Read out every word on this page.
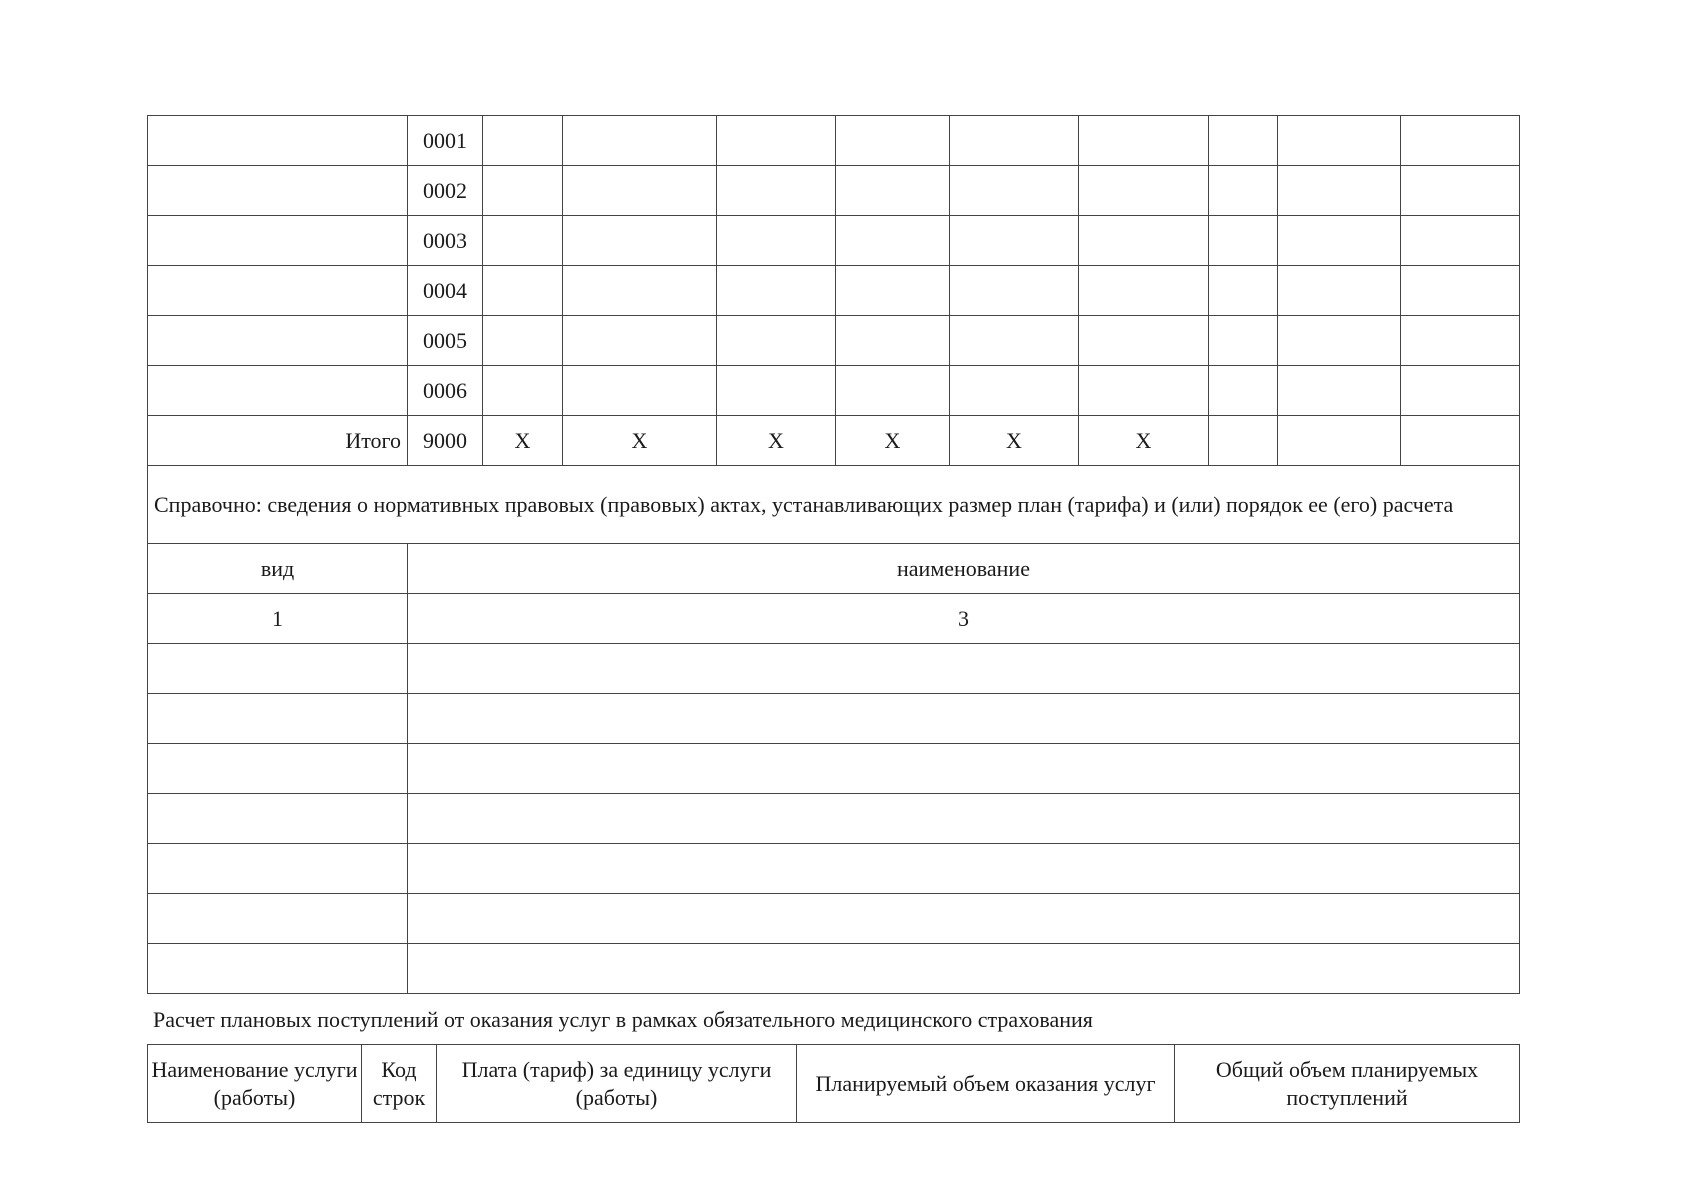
	0001									
	0002									
	0003									
	0004									
	0005									
	0006									
Итого	9000	X	X	X	X	X	X			
Справочно: сведения о нормативных правовых (правовых) актах, устанавливающих размер план (тарифа) и (или) порядок ее (его) расчета										
вид	наименование									
1	3									

Расчет плановых поступлений от оказания услуг в рамках обязательного медицинского страхования
Наименование услуги (работы)	Код строк	Плата (тариф) за единицу услуги (работы)	Планируемый объем оказания услуг	Общий объем планируемых поступлений
